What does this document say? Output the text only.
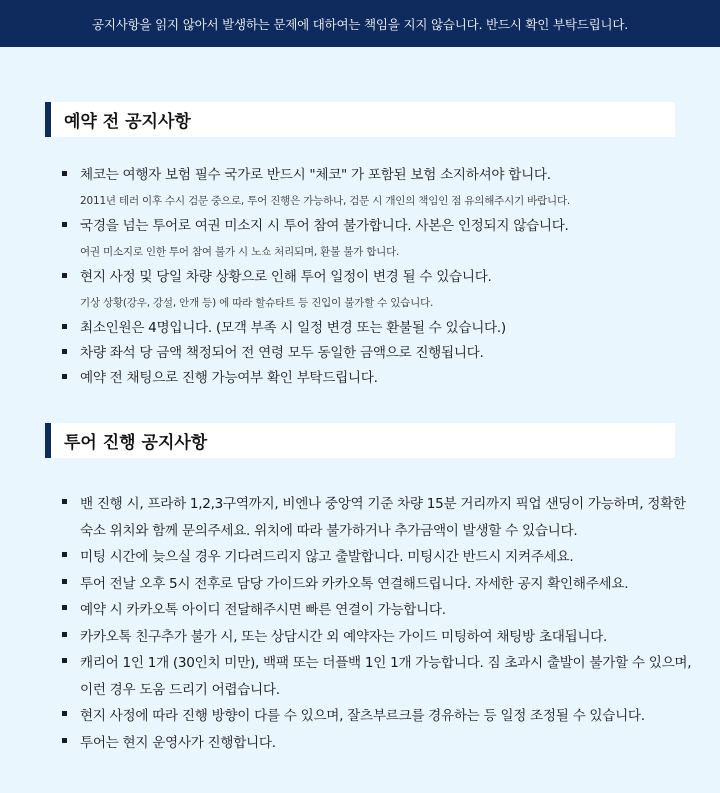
공지사항을 읽지 않아서 발생하는 문제에 대하여는 책임을 지지 않습니다. 반드시 확인 부탁드립니다.
예약 전 공지사항
체코는 여행자 보험 필수 국가로 반드시 "체코" 가 포함된 보험 소지하셔야 합니다.
2011년 테러 이후 수시 검문 중으로, 투어 진행은 가능하나, 검문 시 개인의 책임인 점 유의해주시기 바랍니다.
국경을 넘는 투어로 여권 미소지 시 투어 참여 불가합니다. 사본은 인정되지 않습니다.
여권 미소지로 인한 투어 참여 불가 시 노쇼 처리되며, 환불 불가 합니다.
현지 사정 및 당일 차량 상황으로 인해 투어 일정이 변경 될 수 있습니다.
기상 상황(강우, 강설, 안개 등) 에 따라 할슈타트 등 진입이 불가할 수 있습니다.
최소인원은 4명입니다. (모객 부족 시 일정 변경 또는 환불될 수 있습니다.)
차량 좌석 당 금액 책정되어 전 연령 모두 동일한 금액으로 진행됩니다.
예약 전 채팅으로 진행 가능여부 확인 부탁드립니다.
투어 진행 공지사항
밴 진행 시, 프라하 1,2,3구역까지, 비엔나 중앙역 기준 차량 15분 거리까지 픽업 샌딩이 가능하며, 정확한 숙소 위치와 함께 문의주세요. 위치에 따라 불가하거나 추가금액이 발생할 수 있습니다.
미팅 시간에 늦으실 경우 기다려드리지 않고 출발합니다. 미팅시간 반드시 지켜주세요.
투어 전날 오후 5시 전후로 담당 가이드와 카카오톡 연결해드립니다. 자세한 공지 확인해주세요.
예약 시 카카오톡 아이디 전달해주시면 빠른 연결이 가능합니다.
카카오톡 친구추가 불가 시, 또는 상담시간 외 예약자는 가이드 미팅하여 채팅방 초대됩니다.
캐리어 1인 1개 (30인치 미만), 백팩 또는 더플백 1인 1개 가능합니다. 짐 초과시 출발이 불가할 수 있으며, 이런 경우 도움 드리기 어렵습니다.
현지 사정에 따라 진행 방향이 다를 수 있으며, 잘츠부르크를 경유하는 등 일정 조정될 수 있습니다.
투어는 현지 운영사가 진행합니다.
